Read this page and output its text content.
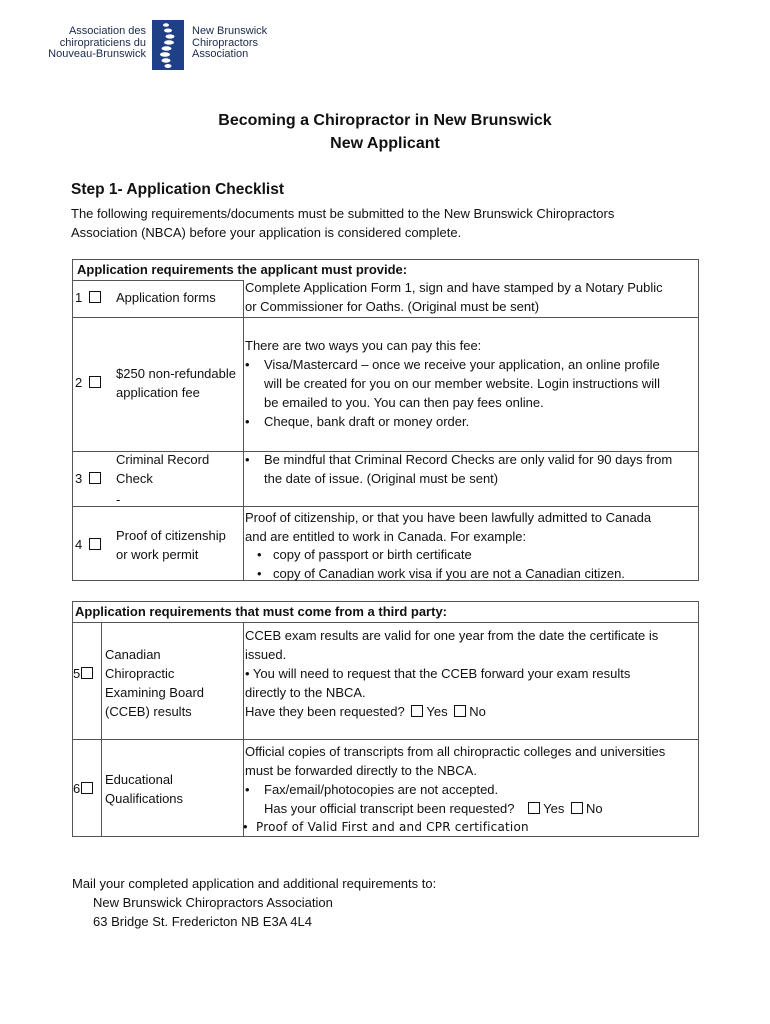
Association des
chiropraticiens du
Nouveau-Brunswick
New Brunswick
Chiropractors
Association
Becoming a Chiropractor in New Brunswick
New Applicant
Step 1- Application Checklist
The following requirements/documents must be submitted to the New Brunswick Chiropractors
Association (NBCA) before your application is considered complete.
Application requirements the applicant must provide:
1	Application forms
Complete Application Form 1, sign and have stamped by a Notary Public
or Commissioner for Oaths. (Original must be sent)
2
$250 non-refundable
application fee
There are two ways you can pay this fee:
• Visa/Mastercard – once we receive your application, an online profile
will be created for you on our member website. Login instructions will
be emailed to you. You can then pay fees online.
• Cheque, bank draft or money order.
3
Criminal Record
Check
-
• Be mindful that Criminal Record Checks are only valid for 90 days from
the date of issue. (Original must be sent)
4
Proof of citizenship
or work permit
Proof of citizenship, or that you have been lawfully admitted to Canada
and are entitled to work in Canada. For example:
• copy of passport or birth certificate
• copy of Canadian work visa if you are not a Canadian citizen.
Application requirements that must come from a third party:
5
Canadian
Chiropractic
Examining Board
(CCEB) results
CCEB exam results are valid for one year from the date the certificate is
issued.
• You will need to request that the CCEB forward your exam results
directly to the NBCA.
Have they been requested? Yes No
6
Educational
Qualifications
Official copies of transcripts from all chiropractic colleges and universities
must be forwarded directly to the NBCA.
• Fax/email/photocopies are not accepted.
Has your official transcript been requested? Yes No
• Proof of Valid First and and CPR certification
Mail your completed application and additional requirements to:
New Brunswick Chiropractors Association
63 Bridge St. Fredericton NB E3A 4L4
